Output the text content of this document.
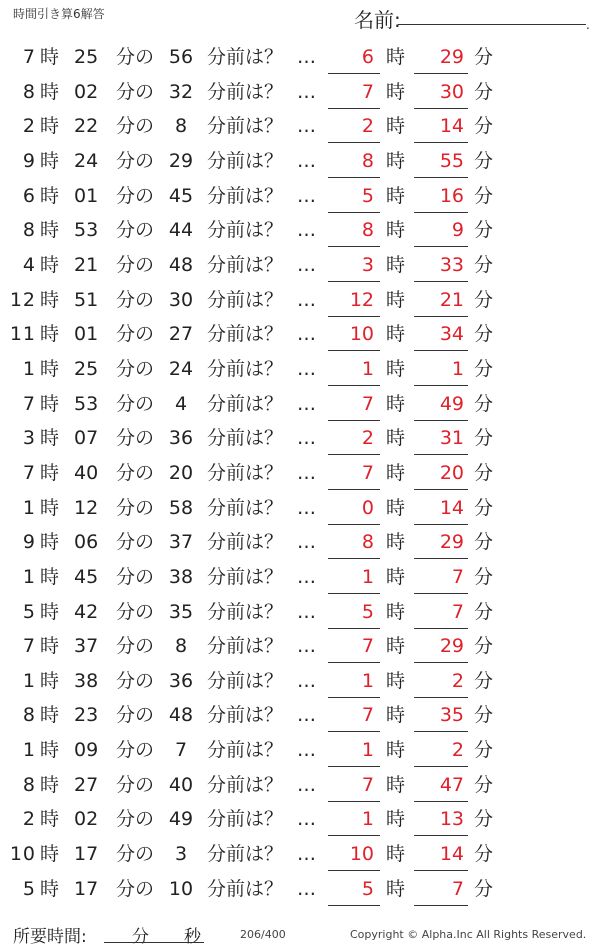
時間引き算6解答	名前:	.
7 時 25 分の 56 分前は？ …	6 時	29 分
8 時 02 分の 32 分前は？ …	7 時	30 分
2 時 22 分の	8	分前は？ …	2 時	14 分
9 時 24 分の 29 分前は？ …	8 時	55 分
6 時 01 分の 45 分前は？ …	5 時	16 分
8 時 53 分の 44 分前は？ …	8 時	9 分
4 時 21 分の 48 分前は？ …	3 時	33 分
12 時 51 分の 30 分前は？ …	12 時	21 分
11 時 01 分の 27 分前は？ …	10 時	34 分
1 時 25 分の 24 分前は？ …	1 時	1 分
7 時 53 分の	4	分前は？ …	7 時	49 分
3 時 07 分の 36 分前は？ …	2 時	31 分
7 時 40 分の 20 分前は？ …	7 時	20 分
1 時 12 分の 58 分前は？ …	0 時	14 分
9 時 06 分の 37 分前は？ …	8 時	29 分
1 時 45 分の 38 分前は？ …	1 時	7 分
5 時 42 分の 35 分前は？ …	5 時	7 分
7 時 37 分の	8	分前は？ …	7 時	29 分
1 時 38 分の 36 分前は？ …	1 時	2 分
8 時 23 分の 48 分前は？ …	7 時	35 分
1 時 09 分の	7	分前は？ …	1 時	2 分
8 時 27 分の 40 分前は？ …	7 時	47 分
2 時 02 分の 49 分前は？ …	1 時	13 分
10 時 17 分の	3	分前は？ …	10 時	14 分
5 時 17 分の 10 分前は？ …	5 時	7 分
所要時間:	分 秒	206/400	Copyright © Alpha.Inc All Rights Reserved.
